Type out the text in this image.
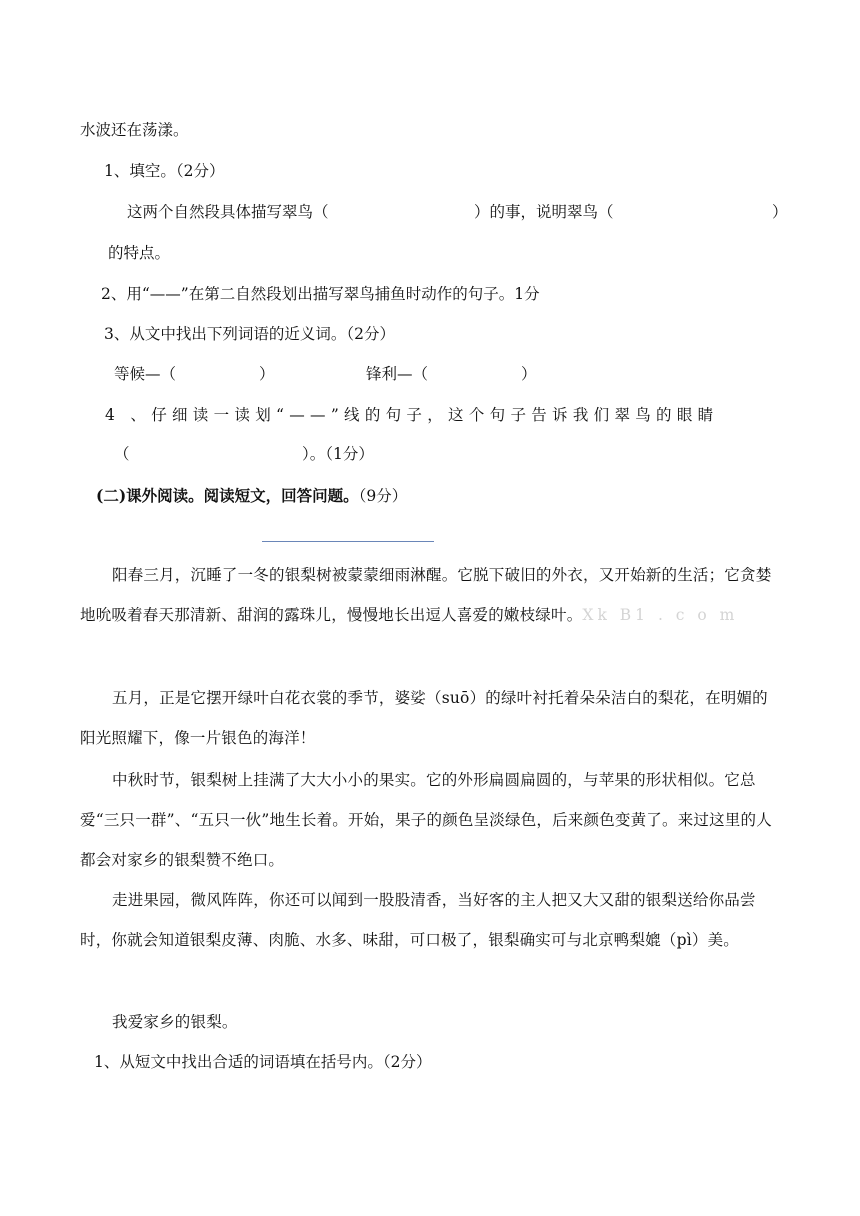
水波还在荡漾。
1、填空。（2分）
这两个自然段具体描写翠鸟（	）的事，说明翠鸟（	）
的特点。
2、用“——”在第二自然段划出描写翠鸟捕鱼时动作的句子。1分
3、从文中找出下列词语的近义词。（2分）
等候—（	）	锋利—（	）
4 、仔细读一读划“——”线的句子，这个句子告诉我们翠鸟的眼睛
（	）。（1分）
(二)课外阅读。阅读短文，回答问题。（9分）
阳春三月，沉睡了一冬的银梨树被蒙蒙细雨淋醒。它脱下破旧的外衣，又开始新的生活；它贪婪地吮吸着春天那清新、甜润的露珠儿，慢慢地长出逗人喜爱的嫩枝绿叶。Xk B1 . c o m
五月，正是它摆开绿叶白花衣裳的季节，婆娑（suō）的绿叶衬托着朵朵洁白的梨花，在明媚的阳光照耀下，像一片银色的海洋！
中秋时节，银梨树上挂满了大大小小的果实。它的外形扁圆扁圆的，与苹果的形状相似。它总爱“三只一群”、“五只一伙”地生长着。开始，果子的颜色呈淡绿色，后来颜色变黄了。来过这里的人都会对家乡的银梨赞不绝口。
走进果园，微风阵阵，你还可以闻到一股股清香，当好客的主人把又大又甜的银梨送给你品尝时，你就会知道银梨皮薄、肉脆、水多、味甜，可口极了，银梨确实可与北京鸭梨媲（pì）美。
我爱家乡的银梨。
1、从短文中找出合适的词语填在括号内。（2分）
